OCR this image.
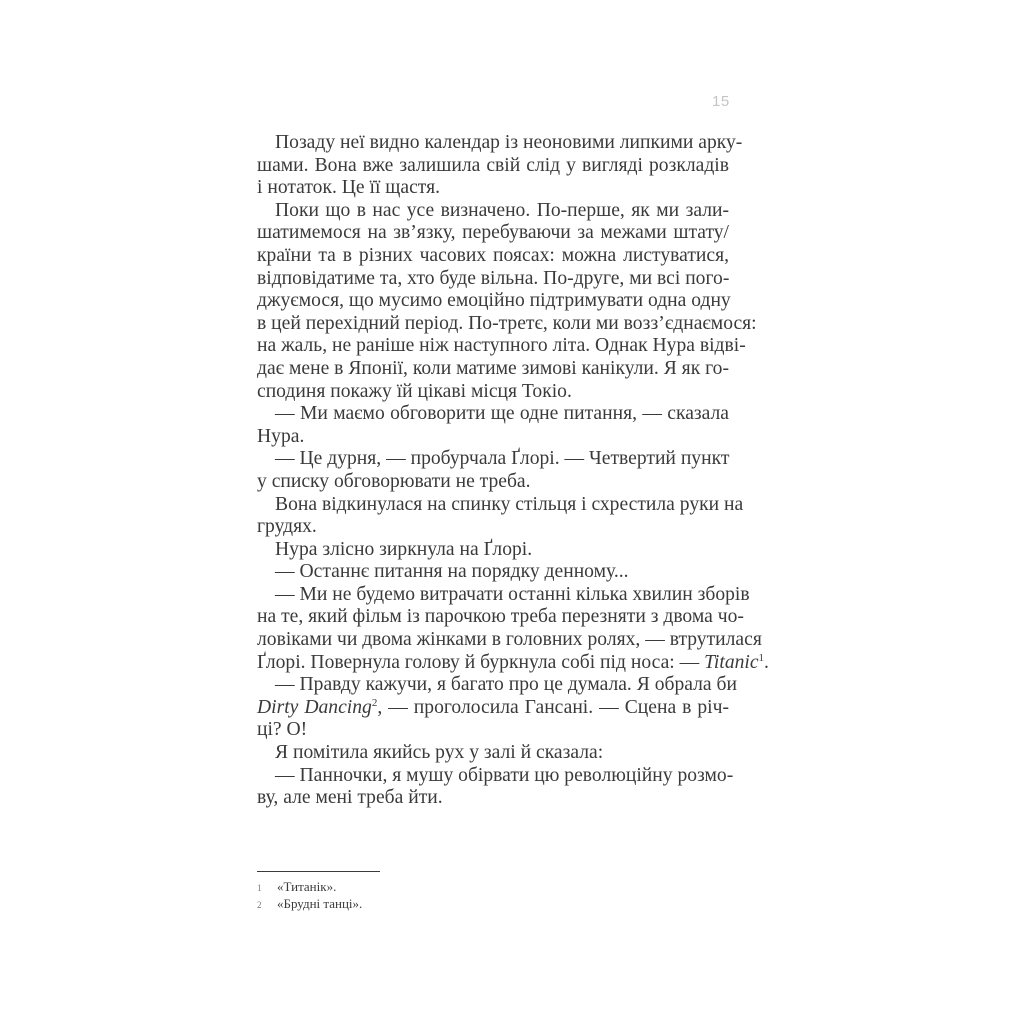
15
Позаду неї видно календар із неоновими липкими арку-
шами. Вона вже залишила свій слід у вигляді розкладів
і нотаток. Це її щастя.
Поки що в нас усе визначено. По-перше, як ми зали-
шатимемося на зв’язку, перебуваючи за межами штату/
країни та в різних часових поясах: можна листуватися,
відповідатиме та, хто буде вільна. По-друге, ми всі пого-
джуємося, що мусимо емоційно підтримувати одна одну
в цей перехідний період. По-третє, коли ми возз’єднаємося:
на жаль, не раніше ніж наступного літа. Однак Нура відві-
дає мене в Японії, коли матиме зимові канікули. Я як го-
сподиня покажу їй цікаві місця Токіо.
— Ми маємо обговорити ще одне питання, — сказала
Нура.
— Це дурня, — пробурчала Ґлорі. — Четвертий пункт
у списку обговорювати не треба.
Вона відкинулася на спинку стільця і схрестила руки на
грудях.
Нура злісно зиркнула на Ґлорі.
— Останнє питання на порядку денному...
— Ми не будемо витрачати останні кілька хвилин зборів
на те, який фільм із парочкою треба перезняти з двома чо-
ловіками чи двома жінками в головних ролях, — втрутилася
Ґлорі. Повернула голову й буркнула собі під носа: — Titanic$^1$.
— Правду кажучи, я багато про це думала. Я обрала би
Dirty Dancing$^2$, — проголосила Гансані. — Сцена в річ-
ці? О!
Я помітила якийсь рух у залі й сказала:
— Панночки, я мушу обірвати цю революційну розмо-
ву, але мені треба йти.
1	«Титанік».
2	«Брудні танці».
